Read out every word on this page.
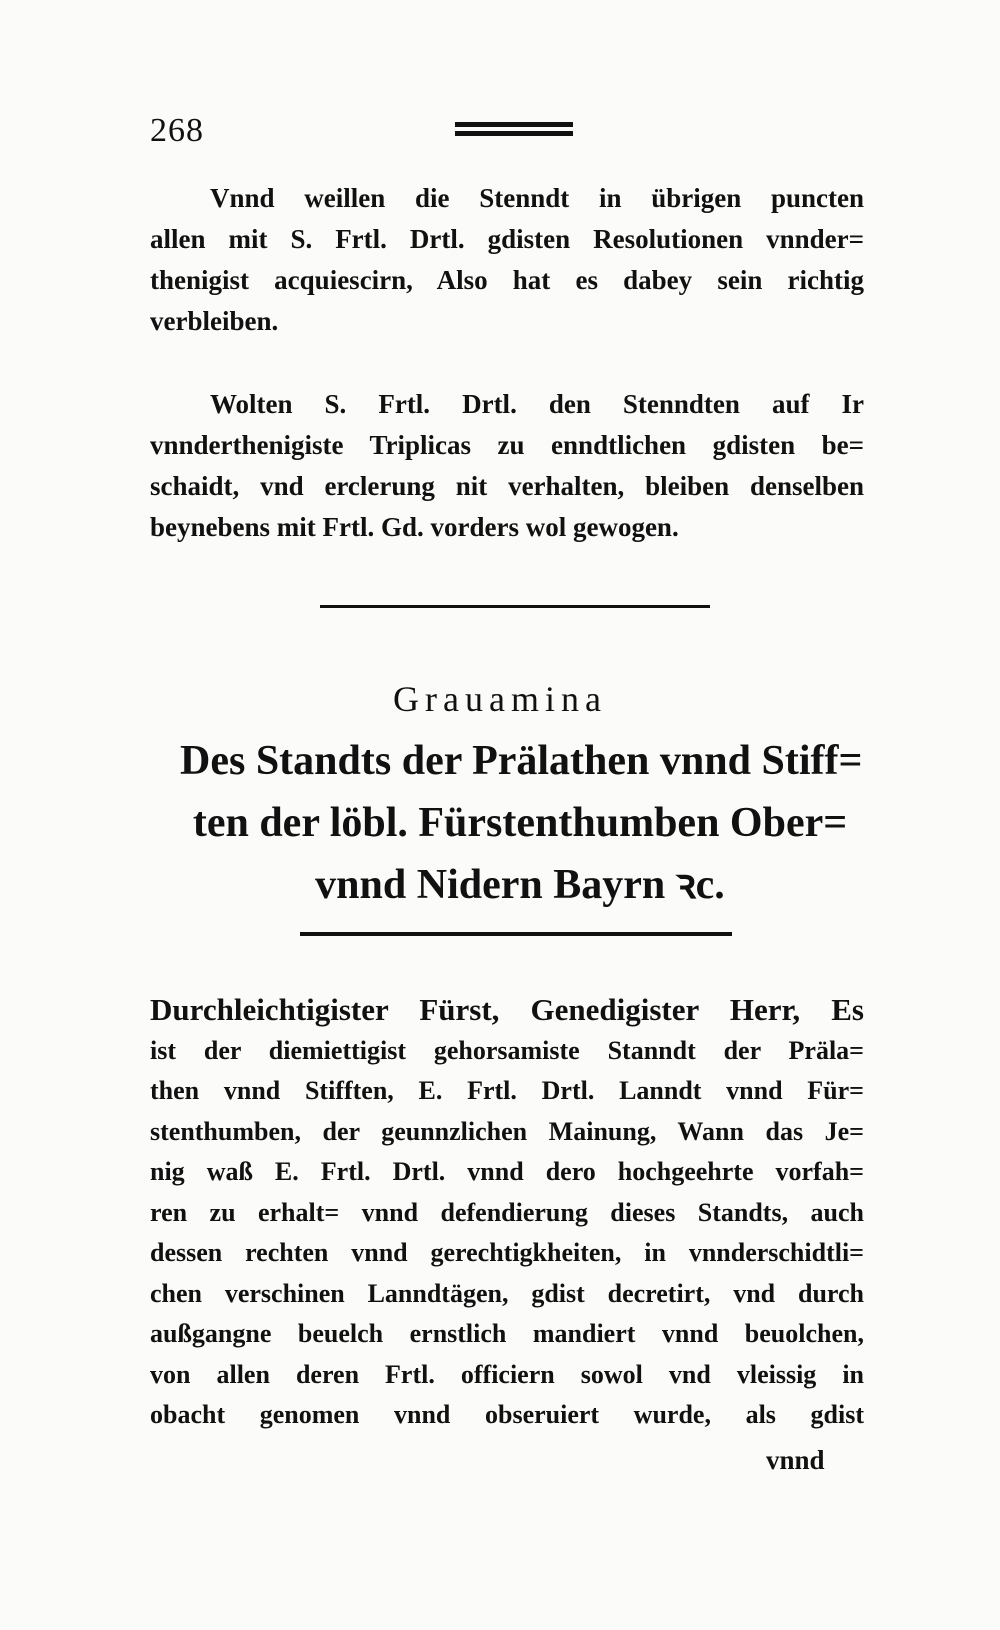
268
Vnnd weillen die Stenndt in übrigen puncten
allen mit S. Frtl. Drtl. gdisten Resolutionen vnnder=
thenigist acquiescirn, Also hat es dabey sein richtig
verbleiben.
Wolten S. Frtl. Drtl. den Stenndten auf Ir
vnnderthenigiste Triplicas zu enndtlichen gdisten be=
schaidt, vnd ercl​erung nit verhalten, bleiben denselben
beynebens mit Frtl. Gd. vorders wol gewogen.
Grauamina
Des Standts der Prälathen vnnd Stiff=
ten der löbl. Fürstenthumben Ober=
vnnd Nidern Bayrn ꝛc.
Durchleichtigister Fürst, Genedigister Herr, Es
ist der diemiettigist gehorsamiste Stanndt der Präla=
then vnnd Stifften, E. Frtl. Drtl. Lanndt vnnd Für=
stenthumben, der geunnzlichen Mainung, Wann das Je=
nig waß E. Frtl. Drtl. vnnd dero hochgeehrte vorfah=
ren zu erhalt= vnnd defendierung dieses Standts, auch
dessen rechten vnnd gerechtigkheiten, in vnnderschidtli=
chen verschinen Lanndtägen, gdist decretirt, vnd durch
außgangne beuelch ernstlich mandiert vnnd beuolchen,
von allen deren Frtl. officiern sowol vnd vleissig in
obacht genomen vnnd obseruiert wurde, als gdist
vnnd
